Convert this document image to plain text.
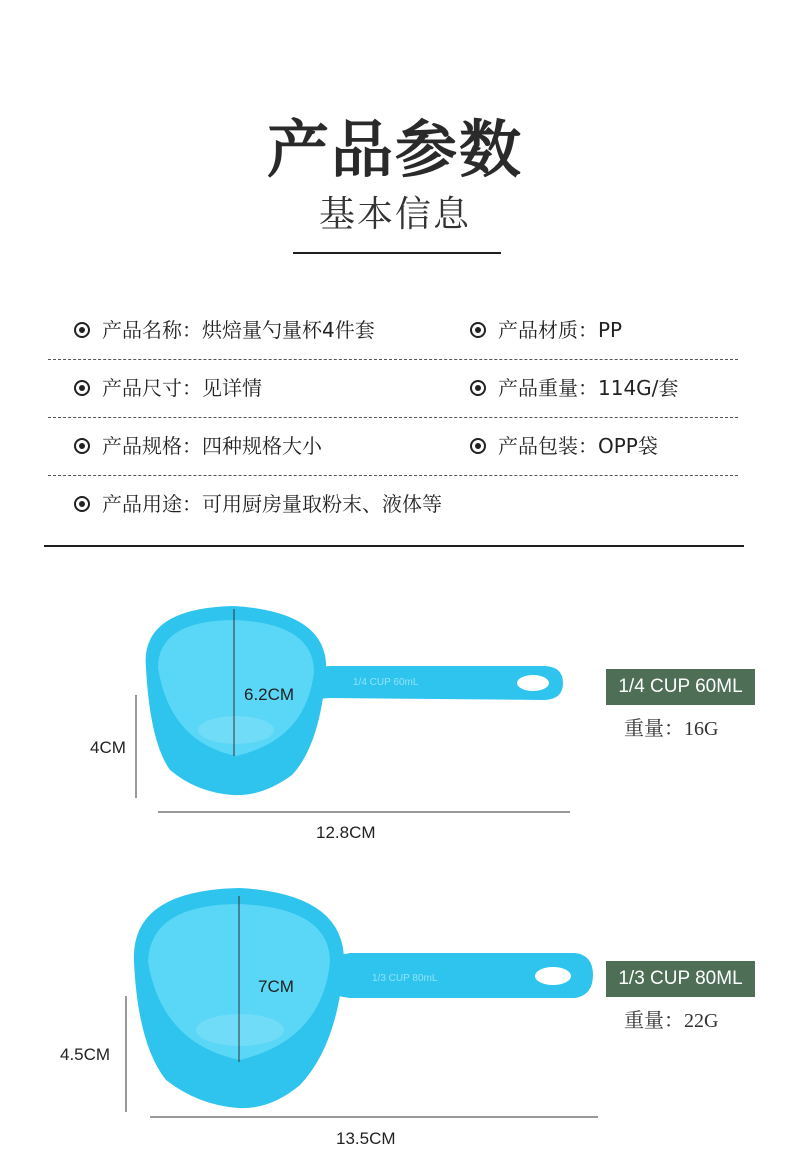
产品参数
基本信息
产品名称：烘焙量勺量杯4件套	产品材质：PP
产品尺寸：见详情	产品重量：114G/套
产品规格：四种规格大小	产品包装：OPP袋
产品用途：可用厨房量取粉末、液体等
1/4 CUP 60mL
1/3 CUP 80mL
6.2CM
4CM
12.8CM
1/4 CUP 60ML
重量：16G
7CM
4.5CM
13.5CM
1/3 CUP 80ML
重量：22G
